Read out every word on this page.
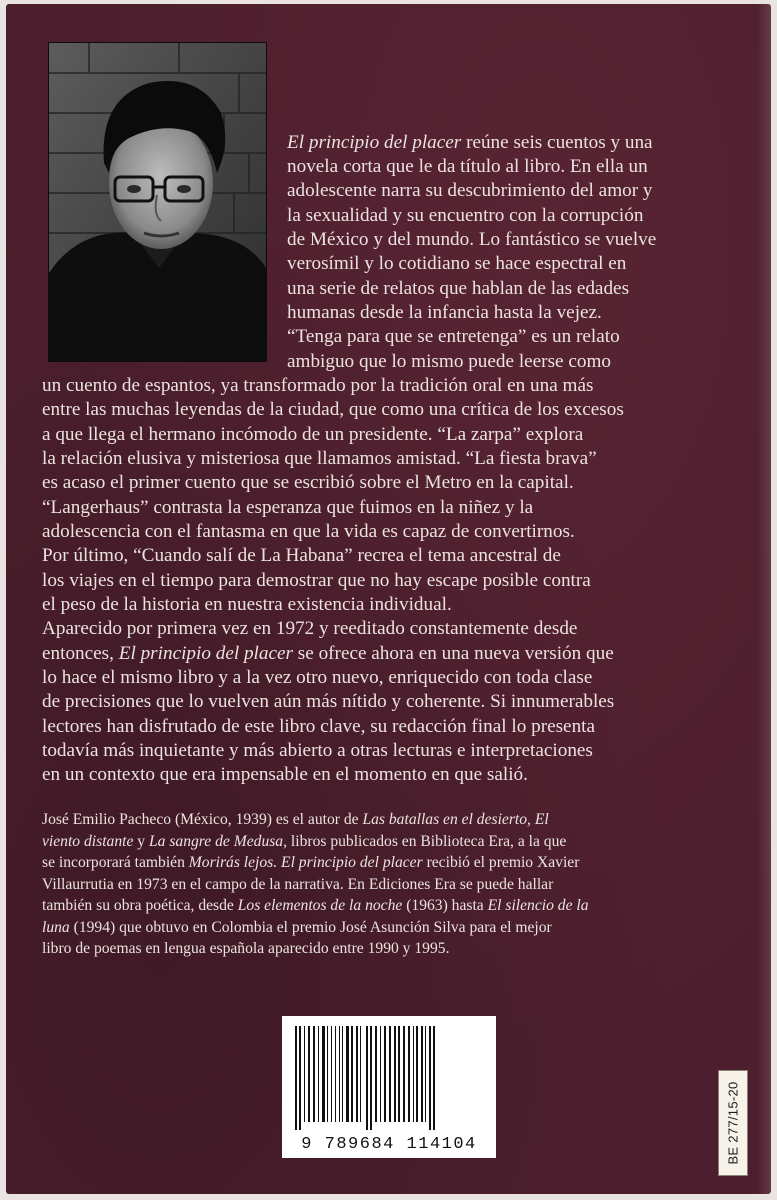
El principio del placer reúne seis cuentos y una
novela corta que le da título al libro. En ella un
adolescente narra su descubrimiento del amor y
la sexualidad y su encuentro con la corrupción
de México y del mundo. Lo fantástico se vuelve
verosímil y lo cotidiano se hace espectral en
una serie de relatos que hablan de las edades
humanas desde la infancia hasta la vejez.
“Tenga para que se entretenga” es un relato
ambiguo que lo mismo puede leerse como
un cuento de espantos, ya transformado por la tradición oral en una más
entre las muchas leyendas de la ciudad, que como una crítica de los excesos
a que llega el hermano incómodo de un presidente. “La zarpa” explora
la relación elusiva y misteriosa que llamamos amistad. “La fiesta brava”
es acaso el primer cuento que se escribió sobre el Metro en la capital.
“Langerhaus” contrasta la esperanza que fuimos en la niñez y la
adolescencia con el fantasma en que la vida es capaz de convertirnos.
Por último, “Cuando salí de La Habana” recrea el tema ancestral de
los viajes en el tiempo para demostrar que no hay escape posible contra
el peso de la historia en nuestra existencia individual.
Aparecido por primera vez en 1972 y reeditado constantemente desde
entonces, El principio del placer se ofrece ahora en una nueva versión que
lo hace el mismo libro y a la vez otro nuevo, enriquecido con toda clase
de precisiones que lo vuelven aún más nítido y coherente. Si innumerables
lectores han disfrutado de este libro clave, su redacción final lo presenta
todavía más inquietante y más abierto a otras lecturas e interpretaciones
en un contexto que era impensable en el momento en que salió.
José Emilio Pacheco (México, 1939) es el autor de Las batallas en el desierto, El
viento distante y La sangre de Medusa, libros publicados en Biblioteca Era, a la que
se incorporará también Morirás lejos. El principio del placer recibió el premio Xavier
Villaurrutia en 1973 en el campo de la narrativa. En Ediciones Era se puede hallar
también su obra poética, desde Los elementos de la noche (1963) hasta El silencio de la
luna (1994) que obtuvo en Colombia el premio José Asunción Silva para el mejor
libro de poemas en lengua española aparecido entre 1990 y 1995.
9 789684 114104	BE 277/15-20
